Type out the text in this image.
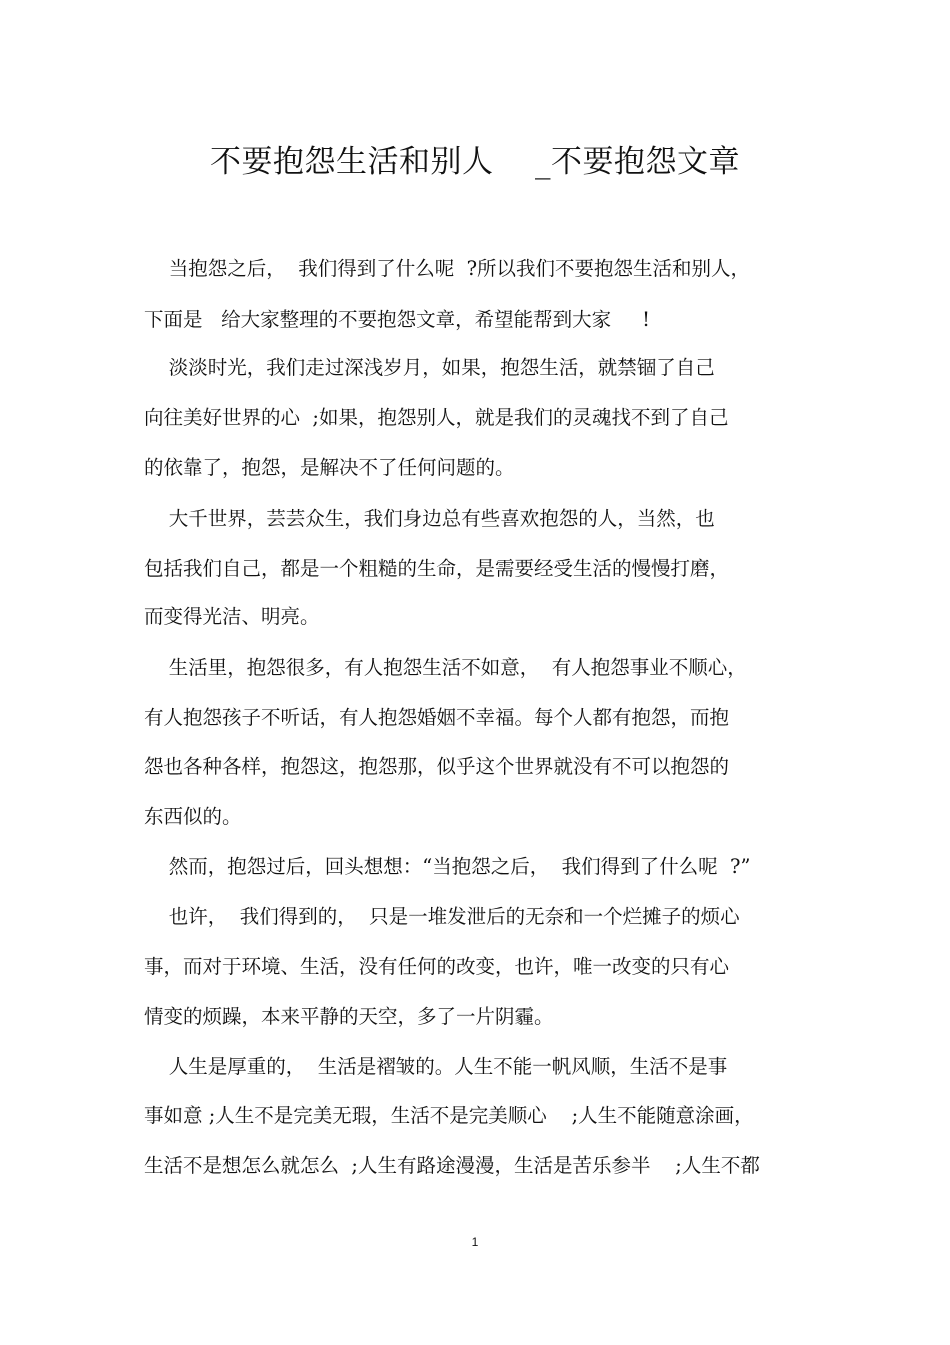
不要抱怨生活和别人    _不要抱怨文章
当抱怨之后，  我们得到了什么呢  ?所以我们不要抱怨生活和别人，
下面是   给大家整理的不要抱怨文章，希望能帮到大家     !
淡淡时光，我们走过深浅岁月，如果，抱怨生活，就禁锢了自己
向往美好世界的心  ;如果，抱怨别人，就是我们的灵魂找不到了自己
的依靠了，抱怨，是解决不了任何问题的。
大千世界，芸芸众生，我们身边总有些喜欢抱怨的人，当然，也
包括我们自己，都是一个粗糙的生命，是需要经受生活的慢慢打磨，
而变得光洁、明亮。
生活里，抱怨很多，有人抱怨生活不如意，  有人抱怨事业不顺心，
有人抱怨孩子不听话，有人抱怨婚姻不幸福。每个人都有抱怨，而抱
怨也各种各样，抱怨这，抱怨那，似乎这个世界就没有不可以抱怨的
东西似的。
然而，抱怨过后，回头想想：“当抱怨之后，  我们得到了什么呢  ?”
也许，  我们得到的，  只是一堆发泄后的无奈和一个烂摊子的烦心
事，而对于环境、生活，没有任何的改变，也许，唯一改变的只有心
情变的烦躁，本来平静的天空，多了一片阴霾。
人生是厚重的，  生活是褶皱的。人生不能一帆风顺，生活不是事
事如意 ;人生不是完美无瑕，生活不是完美顺心    ;人生不能随意涂画，
生活不是想怎么就怎么  ;人生有路途漫漫，生活是苦乐参半    ;人生不都
1
